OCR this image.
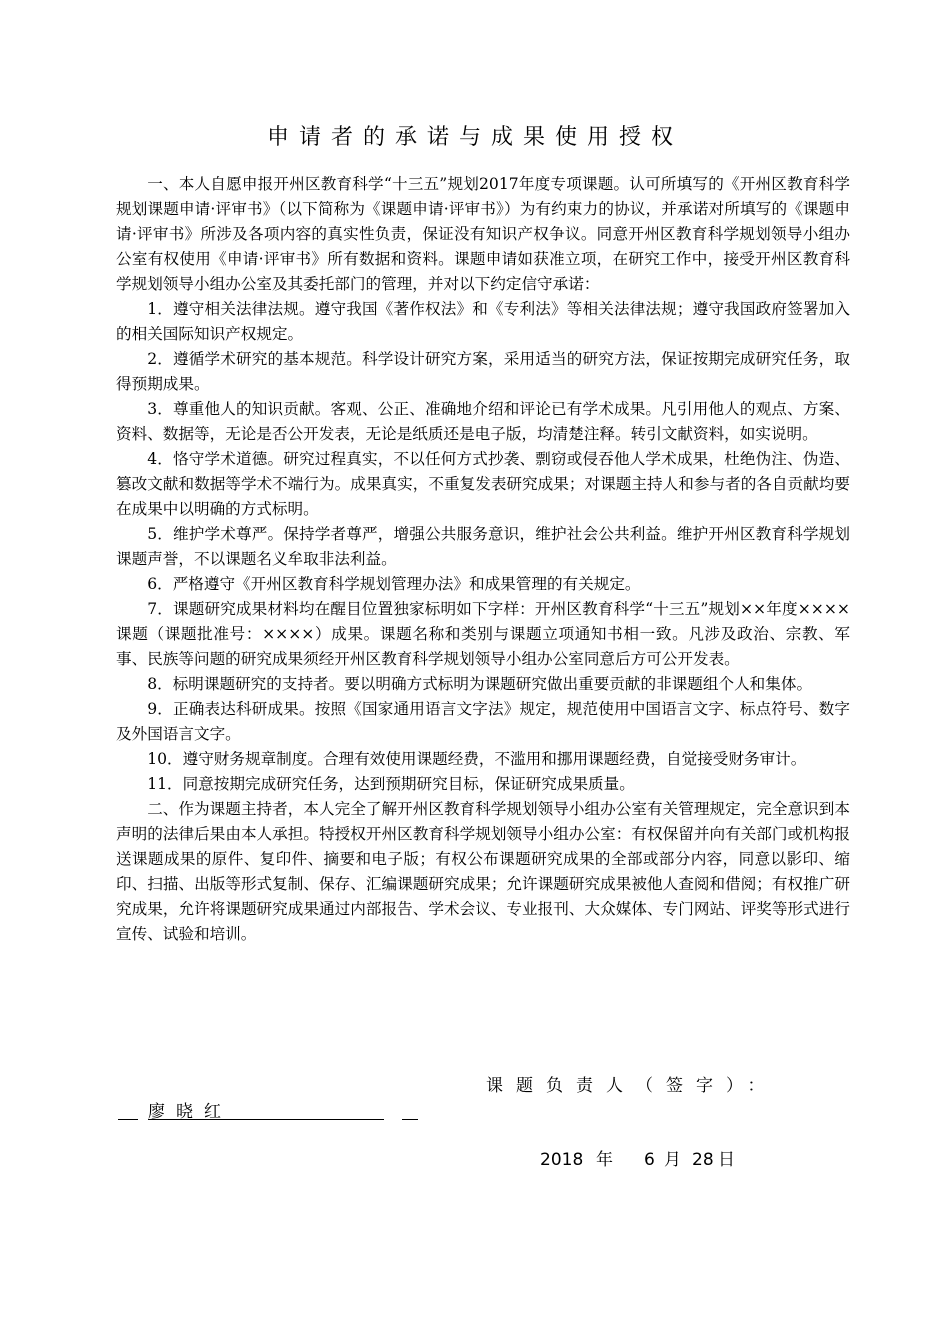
申请者的承诺与成果使用授权

一、本人自愿申报开州区教育科学“十三五”规划2017年度专项课题。认可所填写的《开州区教育科学规划课题申请·评审书》（以下简称为《课题申请·评审书》）为有约束力的协议，并承诺对所填写的《课题申请·评审书》所涉及各项内容的真实性负责，保证没有知识产权争议。同意开州区教育科学规划领导小组办公室有权使用《申请·评审书》所有数据和资料。课题申请如获准立项，在研究工作中，接受开州区教育科学规划领导小组办公室及其委托部门的管理，并对以下约定信守承诺：

1．遵守相关法律法规。遵守我国《著作权法》和《专利法》等相关法律法规；遵守我国政府签署加入的相关国际知识产权规定。

2．遵循学术研究的基本规范。科学设计研究方案，采用适当的研究方法，保证按期完成研究任务，取得预期成果。

3．尊重他人的知识贡献。客观、公正、准确地介绍和评论已有学术成果。凡引用他人的观点、方案、资料、数据等，无论是否公开发表，无论是纸质还是电子版，均清楚注释。转引文献资料，如实说明。

4．恪守学术道德。研究过程真实，不以任何方式抄袭、剽窃或侵吞他人学术成果，杜绝伪注、伪造、篡改文献和数据等学术不端行为。成果真实，不重复发表研究成果；对课题主持人和参与者的各自贡献均要在成果中以明确的方式标明。

5．维护学术尊严。保持学者尊严，增强公共服务意识，维护社会公共利益。维护开州区教育科学规划课题声誉，不以课题名义牟取非法利益。

6．严格遵守《开州区教育科学规划管理办法》和成果管理的有关规定。

7．课题研究成果材料均在醒目位置独家标明如下字样：开州区教育科学“十三五”规划××年度××××课题（课题批准号：××××）成果。课题名称和类别与课题立项通知书相一致。凡涉及政治、宗教、军事、民族等问题的研究成果须经开州区教育科学规划领导小组办公室同意后方可公开发表。

8．标明课题研究的支持者。要以明确方式标明为课题研究做出重要贡献的非课题组个人和集体。

9．正确表达科研成果。按照《国家通用语言文字法》规定，规范使用中国语言文字、标点符号、数字及外国语言文字。

10．遵守财务规章制度。合理有效使用课题经费，不滥用和挪用课题经费，自觉接受财务审计。

11．同意按期完成研究任务，达到预期研究目标，保证研究成果质量。

二、作为课题主持者，本人完全了解开州区教育科学规划领导小组办公室有关管理规定，完全意识到本声明的法律后果由本人承担。特授权开州区教育科学规划领导小组办公室：有权保留并向有关部门或机构报送课题成果的原件、复印件、摘要和电子版；有权公布课题研究成果的全部或部分内容，同意以影印、缩印、扫描、出版等形式复制、保存、汇编课题研究成果；允许课题研究成果被他人查阅和借阅；有权推广研究成果，允许将课题研究成果通过内部报告、学术会议、专业报刊、大众媒体、专门网站、评奖等形式进行宣传、试验和培训。

课题负责人（签字）：
廖晓红
2018 年 6 月 28 日
